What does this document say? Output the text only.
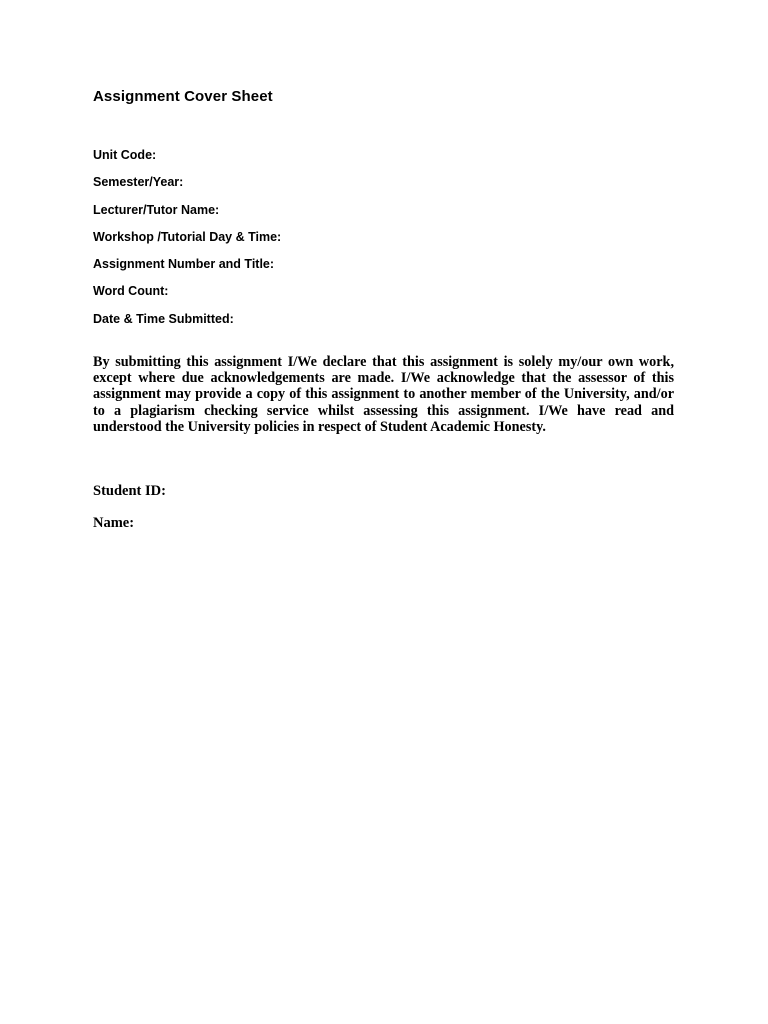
Assignment Cover Sheet
Unit Code:
Semester/Year:
Lecturer/Tutor Name:
Workshop /Tutorial Day & Time:
Assignment Number and Title:
Word Count:
Date & Time Submitted:

By submitting this assignment I/We declare that this assignment is solely my/our own work, except where due acknowledgements are made. I/We acknowledge that the assessor of this assignment may provide a copy of this assignment to another member of the University, and/or to a plagiarism checking service whilst assessing this assignment. I/We have read and understood the University policies in respect of Student Academic Honesty.

Student ID:
Name:
